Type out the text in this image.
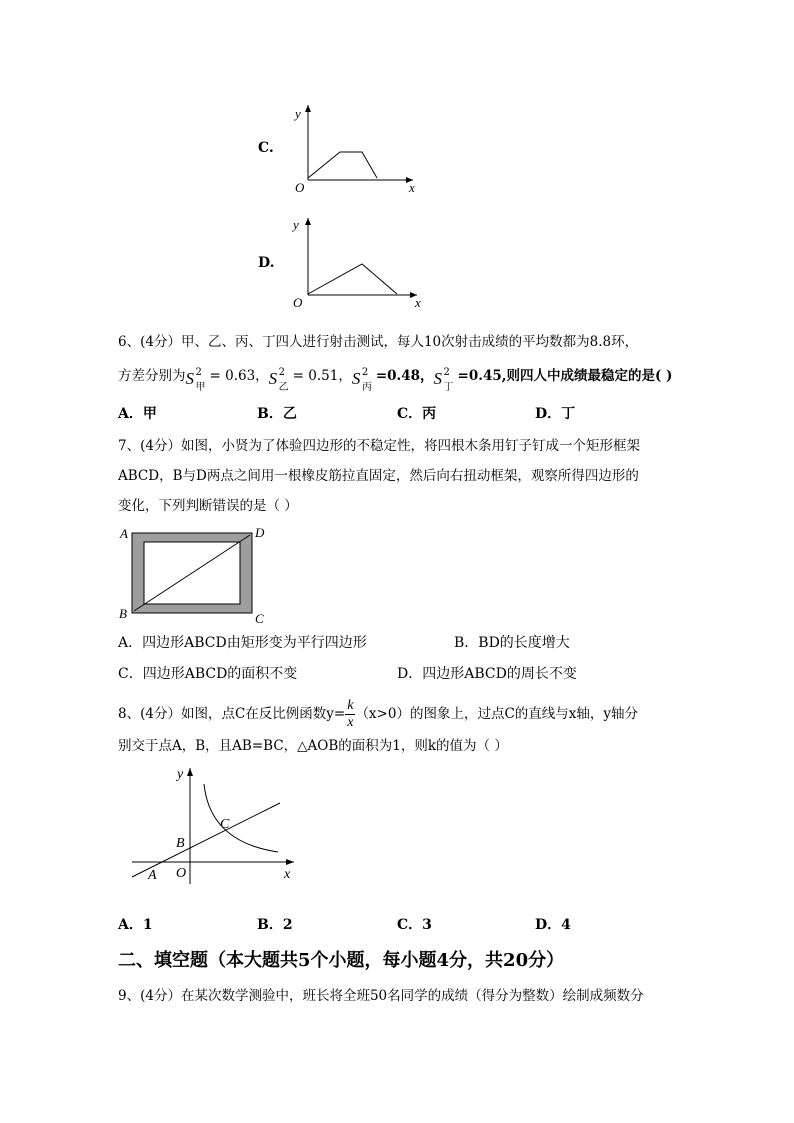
C.
y
x
O
D.
y
x
O
6、(4分）甲、乙、丙、丁四人进行射击测试，每人10次射击成绩的平均数都为8.8环，
方差分别为 S 2
甲
= 0.63， S 2
乙
= 0.51， S 2
丙
=0.48， S 2
丁
=0.45,则四人中成绩最稳定的是( )
A．甲	B．乙	C．丙	D．丁
7、(4分）如图，小贤为了体验四边形的不稳定性，将四根木条用钉子钉成一个矩形框架
ABCD，B与D两点之间用一根橡皮筋拉直固定，然后向右扭动框架，观察所得四边形的
变化，下列判断错误的是（ ）
A	D
B	C
A．四边形ABCD由矩形变为平行四边形	B．BD的长度增大
C．四边形ABCD的面积不变	D．四边形ABCD的周长不变
8、(4分）如图，点C在反比例函数$y= \frac{k}{x} (x>0)$的图象上，过点C的直线与x轴，y轴分
别交于点A，B，且AB=BC，△AOB的面积为1，则k的值为（ ）
y
x
C
B
A O
A．1	B．2	C．3	D．4
二、填空题（本大题共5个小题，每小题4分，共20分）
9、(4分）在某次数学测验中，班长将全班50名同学的成绩（得分为整数）绘制成频数分
